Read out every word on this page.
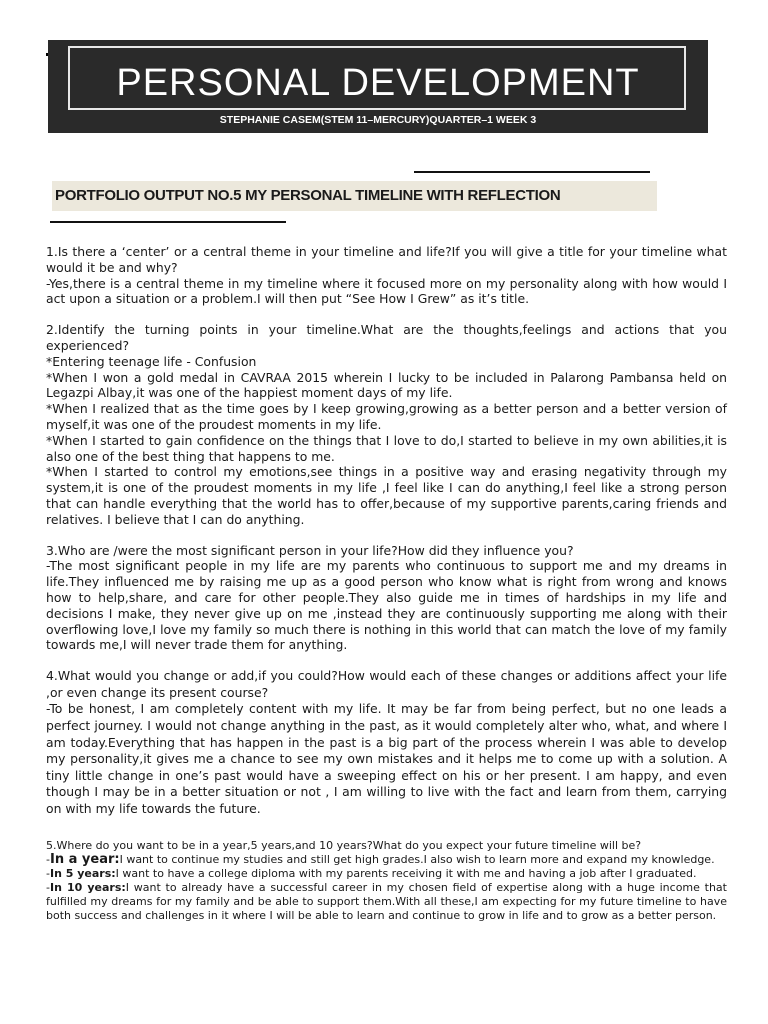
PERSONAL DEVELOPMENT
STEPHANIE CASEM(STEM 11–MERCURY)QUARTER–1 WEEK 3
PORTFOLIO OUTPUT NO.5 MY PERSONAL TIMELINE WITH REFLECTION

1.Is there a ‘center’ or a central theme in your timeline and life?If you will give a title for your timeline what would it be and why?

-Yes,there is a central theme in my timeline where it focused more on my personality along with how would I act upon a situation or a problem.I will then put “See How I Grew” as it’s title.

2.Identify the turning points in your timeline.What are the thoughts,feelings and actions that you experienced?

*Entering teenage life - Confusion

*When I won a gold medal in CAVRAA 2015 wherein I lucky to be included in Palarong Pambansa held on Legazpi Albay,it was one of the happiest moment days of my life.

*When I realized that as the time goes by I keep growing,growing as a better person and a better version of myself,it was one of the proudest moments in my life.

*When I started to gain confidence on the things that I love to do,I started to believe in my own abilities,it is also one of the best thing that happens to me.

*When I started to control my emotions,see things in a positive way and erasing negativity through my system,it is one of the proudest moments in my life ,I feel like I can do anything,I feel like a strong person that can handle everything that the world has to offer,because of my supportive parents,caring friends and relatives. I believe that I can do anything.

3.Who are /were the most significant person in your life?How did they influence you?

-The most significant people in my life are my parents who continuous to support me and my dreams in life.They influenced me by raising me up as a good person who know what is right from wrong and knows how to help,share, and care for other people.They also guide me in times of hardships in my life and decisions I make, they never give up on me ,instead they are continuously supporting me along with their overflowing love,I love my family so much there is nothing in this world that can match the love of my family towards me,I will never trade them for anything.

4.What would you change or add,if you could?How would each of these changes or additions affect your life ,or even change its present course?

-To be honest, I am completely content with my life. It may be far from being perfect, but no one leads a perfect journey. I would not change anything in the past, as it would completely alter who, what, and where I am today.Everything that has happen in the past is a big part of the process wherein I was able to develop my personality,it gives me a chance to see my own mistakes and it helps me to come up with a solution. A tiny little change in one’s past would have a sweeping effect on his or her present. I am happy, and even though I may be in a better situation or not , I am willing to live with the fact and learn from them, carrying on with my life towards the future.

5.Where do you want to be in a year,5 years,and 10 years?What do you expect your future timeline will be?

-In a year:I want to continue my studies and still get high grades.I also wish to learn more and expand my knowledge.

-In 5 years:I want to have a college diploma with my parents receiving it with me and having a job after I graduated.

-In 10 years:I want to already have a successful career in my chosen field of expertise along with a huge income that fulfilled my dreams for my family and be able to support them.With all these,I am expecting for my future timeline to have both success and challenges in it where I will be able to learn and continue to grow in life and to grow as a better person.
